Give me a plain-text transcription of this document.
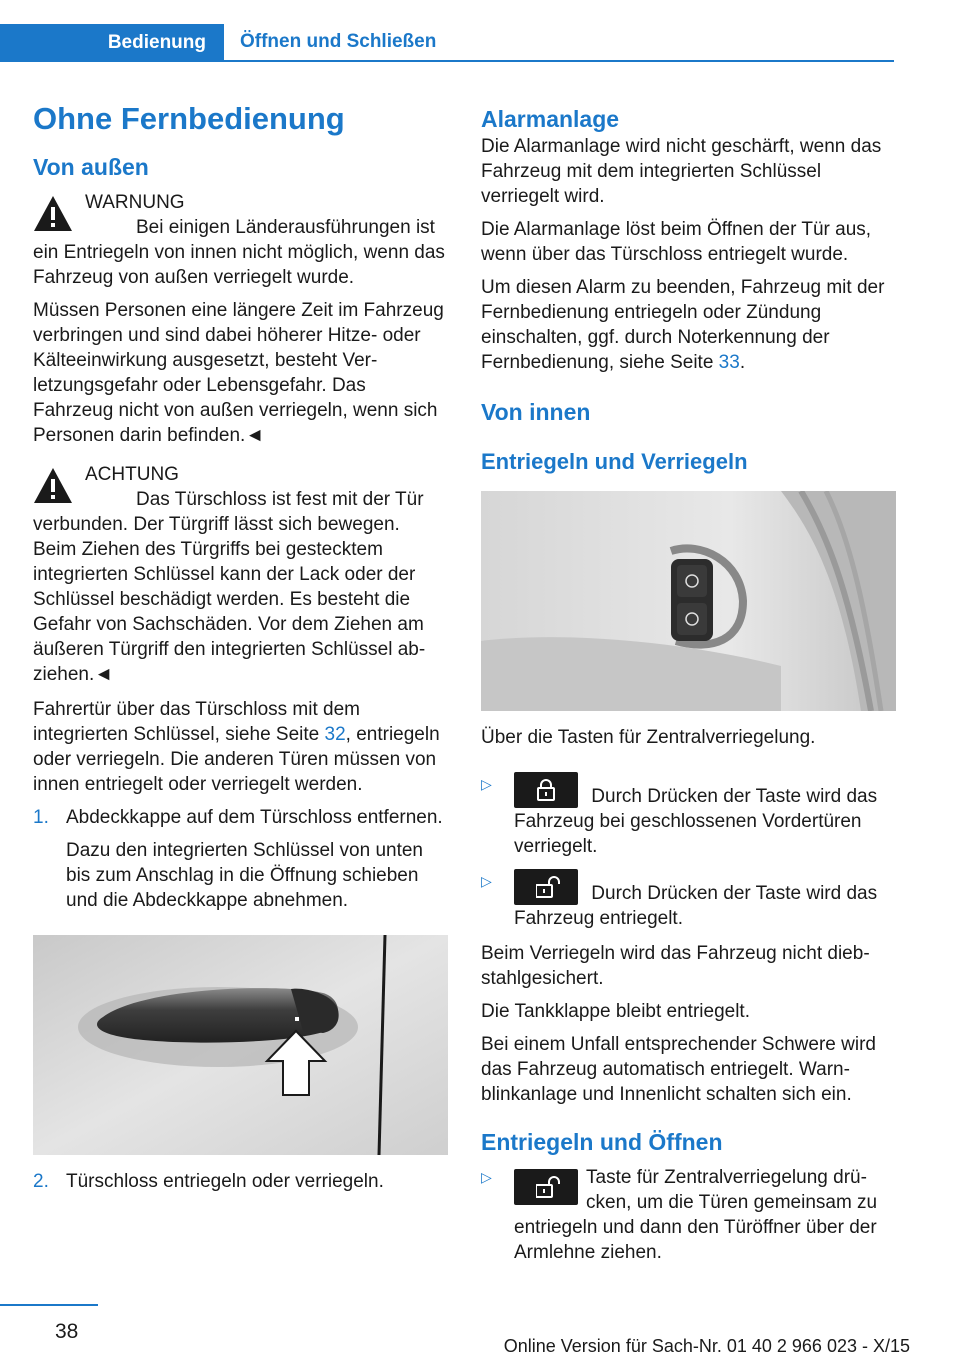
Bedienung Öffnen und Schließen
Ohne Fernbedienung
Von außen
WARNUNG

Bei einigen Länderausführungen ist ein Entriegeln von innen nicht möglich, wenn das Fahrzeug von außen verriegelt wurde.

Müssen Personen eine längere Zeit im Fahrzeug verbringen und sind dabei höherer Hitze- oder Kälteeinwirkung ausgesetzt, besteht Verletzungsgefahr oder Lebensgefahr. Das Fahrzeug nicht von außen verriegeln, wenn sich Personen darin befinden.◄

ACHTUNG

Das Türschloss ist fest mit der Tür verbunden. Der Türgriff lässt sich bewegen. Beim Ziehen des Türgriffs bei gestecktem integrierten Schlüssel kann der Lack oder der Schlüssel beschädigt werden. Es besteht die Gefahr von Sachschäden. Vor dem Ziehen am äußeren Türgriff den integrierten Schlüssel abziehen.◄

Fahrertür über das Türschloss mit dem integrierten Schlüssel, siehe Seite 32, entriegeln oder verriegeln. Die anderen Türen müssen von innen entriegelt oder verriegelt werden.

1. Abdeckkappe auf dem Türschloss entfernen.
Dazu den integrierten Schlüssel von unten bis zum Anschlag in die Öffnung schieben und die Abdeckkappe abnehmen.
2. Türschloss entriegeln oder verriegeln.
Alarmanlage

Die Alarmanlage wird nicht geschärft, wenn das Fahrzeug mit dem integrierten Schlüssel verriegelt wird.

Die Alarmanlage löst beim Öffnen der Tür aus, wenn über das Türschloss entriegelt wurde.

Um diesen Alarm zu beenden, Fahrzeug mit der Fernbedienung entriegeln oder Zündung einschalten, ggf. durch Noterkennung der Fernbedienung, siehe Seite 33.

Von innen
Entriegeln und Verriegeln

Über die Tasten für Zentralverriegelung.

▷
Durch Drücken der Taste wird das Fahrzeug bei geschlossenen Vordertüren verriegelt.
▷
Durch Drücken der Taste wird das Fahrzeug entriegelt.

Beim Verriegeln wird das Fahrzeug nicht diebstahlgesichert.

Die Tankklappe bleibt entriegelt.

Bei einem Unfall entsprechender Schwere wird das Fahrzeug automatisch entriegelt. Warnblinkanlage und Innenlicht schalten sich ein.

Entriegeln und Öffnen
▷	Taste für Zentralverriegelung drücken, um die Türen gemeinsam zu entriegeln und dann den Türöffner über der Armlehne ziehen.
38
Online Version für Sach-Nr. 01 40 2 966 023 - X/15
